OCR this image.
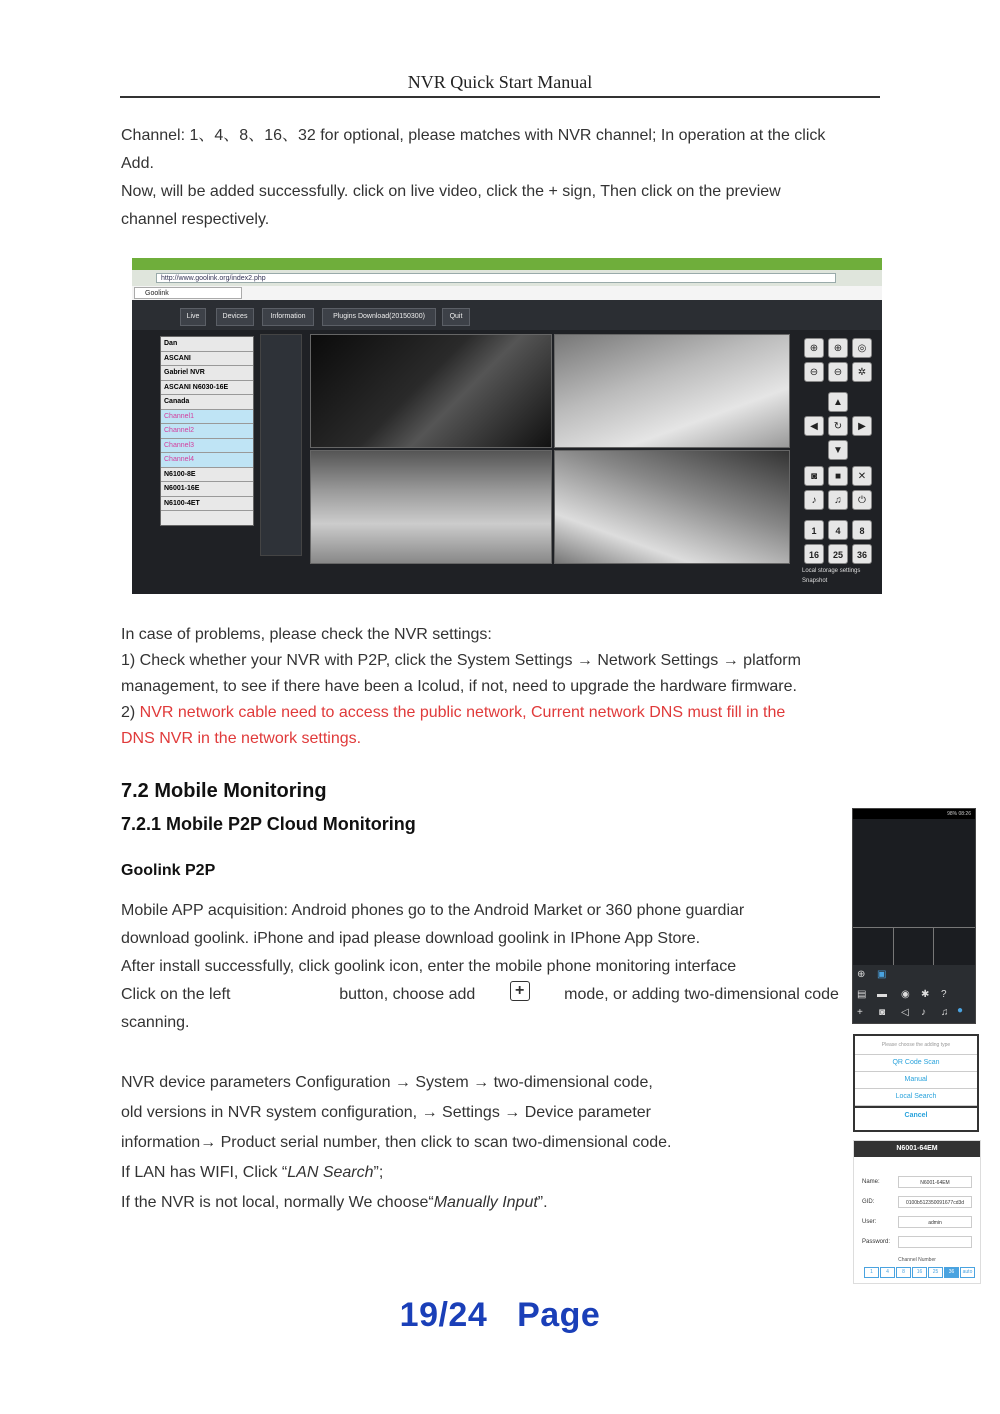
NVR Quick Start Manual

Channel: 1、4、8、16、32 for optional, please matches with NVR channel; In operation at the click

Add.

Now, will be added successfully. click on live video, click the + sign, Then click on the preview

channel respectively.

http://www.goolink.org/index2.php
Goolink
Live	Devices	Information	Plugins Download(20150300)	Quit
Dan
ASCANI
Gabriel NVR
ASCANI N6030-16E
Canada
Channel1
Channel2
Channel3
Channel4
N6100-8E
N6001-16E
N6100-4ET
⊕	⊕	◎
⊖	⊖	✲
▲
◀	↻	▶
▼
◙	■	✕
♪	♫	⏻
1	4	8
16	25	36
Local storage settings
Snapshot

In case of problems, please check the NVR settings:

1) Check whether your NVR with P2P, click the System Settings → Network Settings → platform

management, to see if there have been a Icolud, if not, need to upgrade the hardware firmware.

2) NVR network cable need to access the public network, Current network DNS must fill in the

DNS NVR in the network settings.

7.2 Mobile Monitoring
7.2.1 Mobile P2P Cloud Monitoring
Goolink P2P

Mobile APP acquisition: Android phones go to the Android Market or 360 phone guardiar

download goolink. iPhone and ipad please download goolink in IPhone App Store.

After install successfully, click goolink icon, enter the mobile phone monitoring interface

Click on the left	button, choose add	+	mode, or adding two-dimensional code

scanning.

NVR device parameters Configuration → System → two-dimensional code,
old versions in NVR system configuration, → Settings → Device parameter
information→ Product serial number, then click to scan two-dimensional code.
If LAN has WIFI, Click “LAN Search”;
If the NVR is not local, normally We choose“Manually Input”.
98% 08:26
⊕ ▣
▤ ▬ ◉ ✱ ?
+ ◙ ◁ ♪ ♫ ●
Please choose the adding type
QR Code Scan
Manual
Local Search
Cancel
N6001-64EM
Name:	N6001-64EM
GID:	0100b512350091677cd3d
User:	admin
Password:
Channel Number
1	4	8	16	25	36	auto
19/24   Page
